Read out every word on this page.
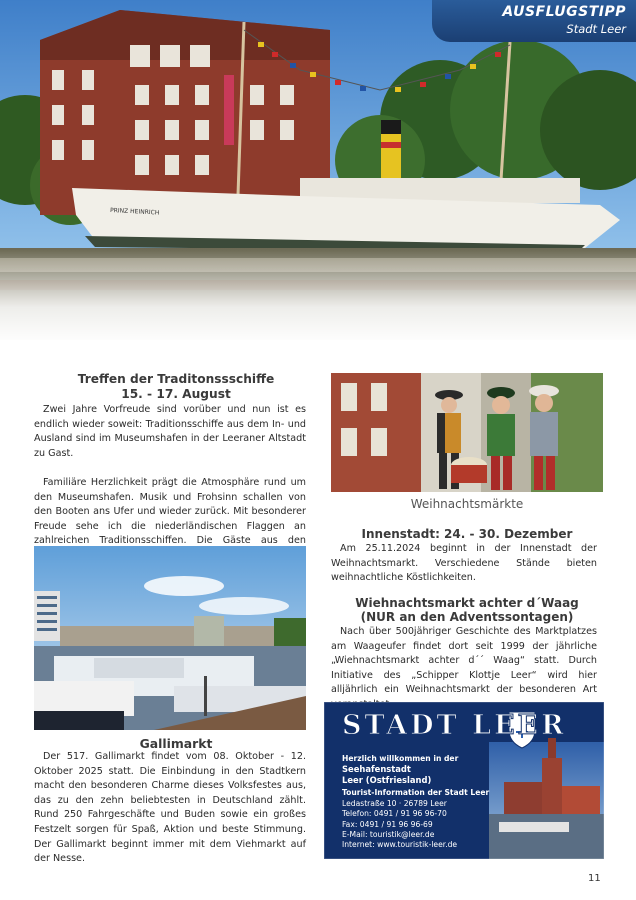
PRINZ HEINRICH
AUSFLUGSTIPP
Stadt Leer
Treffen der Traditonssschiffe
15. - 17. August

Zwei Jahre Vorfreude sind vorüber und nun ist es endlich wieder soweit: Traditionsschiffe aus dem In- und Ausland sind im Museumshafen in der Leeraner Altstadt zu Gast.

Familiäre Herzlichkeit prägt die Atmosphäre rund um den Museumshafen. Musik und Frohsinn schallen von den Booten ans Ufer und wieder zurück. Mit besonderer Freude sehe ich die niederländischen Flaggen an zahlreichen Traditionsschiffen. Die Gäste aus den

Gallimarkt

Der 517. Gallimarkt findet vom 08. Oktober - 12. Oktober 2025 statt. Die Einbindung in den Stadtkern macht den besonderen Charme dieses Volksfestes aus, das zu den zehn beliebtesten in Deutschland zählt. Rund 250 Fahrgeschäfte und Buden sowie ein großes Festzelt sorgen für Spaß, Aktion und beste Stimmung. Der Gallimarkt beginnt immer mit dem Viehmarkt auf der Nesse.

Weihnachtsmärkte
Innenstadt: 24. - 30. Dezember

Am 25.11.2024 beginnt in der Innenstadt der Weihnachtsmarkt. Verschiedene Stände bieten weihnachtliche Köstlichkeiten.

Wiehnachtsmarkt achter d´Waag
(NUR an den Adventssontagen)

Nach über 500jähriger Geschichte des Marktplatzes am Waageufer findet dort seit 1999 der jährliche „Wiehnachtsmarkt achter d´´ Waag“ statt. Durch Initiative des „Schipper Klottje Leer“ wird hier alljährlich ein Weihnachtsmarkt der besonderen Art

STADT LEER
Herzlich willkommen in der
Seehafenstadt
Leer (Ostfriesland)
Tourist-Information der Stadt Leer
Ledastraße 10 · 26789 Leer
Telefon: 0491 / 91 96 96-70
Fax: 0491 / 91 96 96-69
E-Mail: touristik@leer.de
Internet: www.touristik-leer.de
11
